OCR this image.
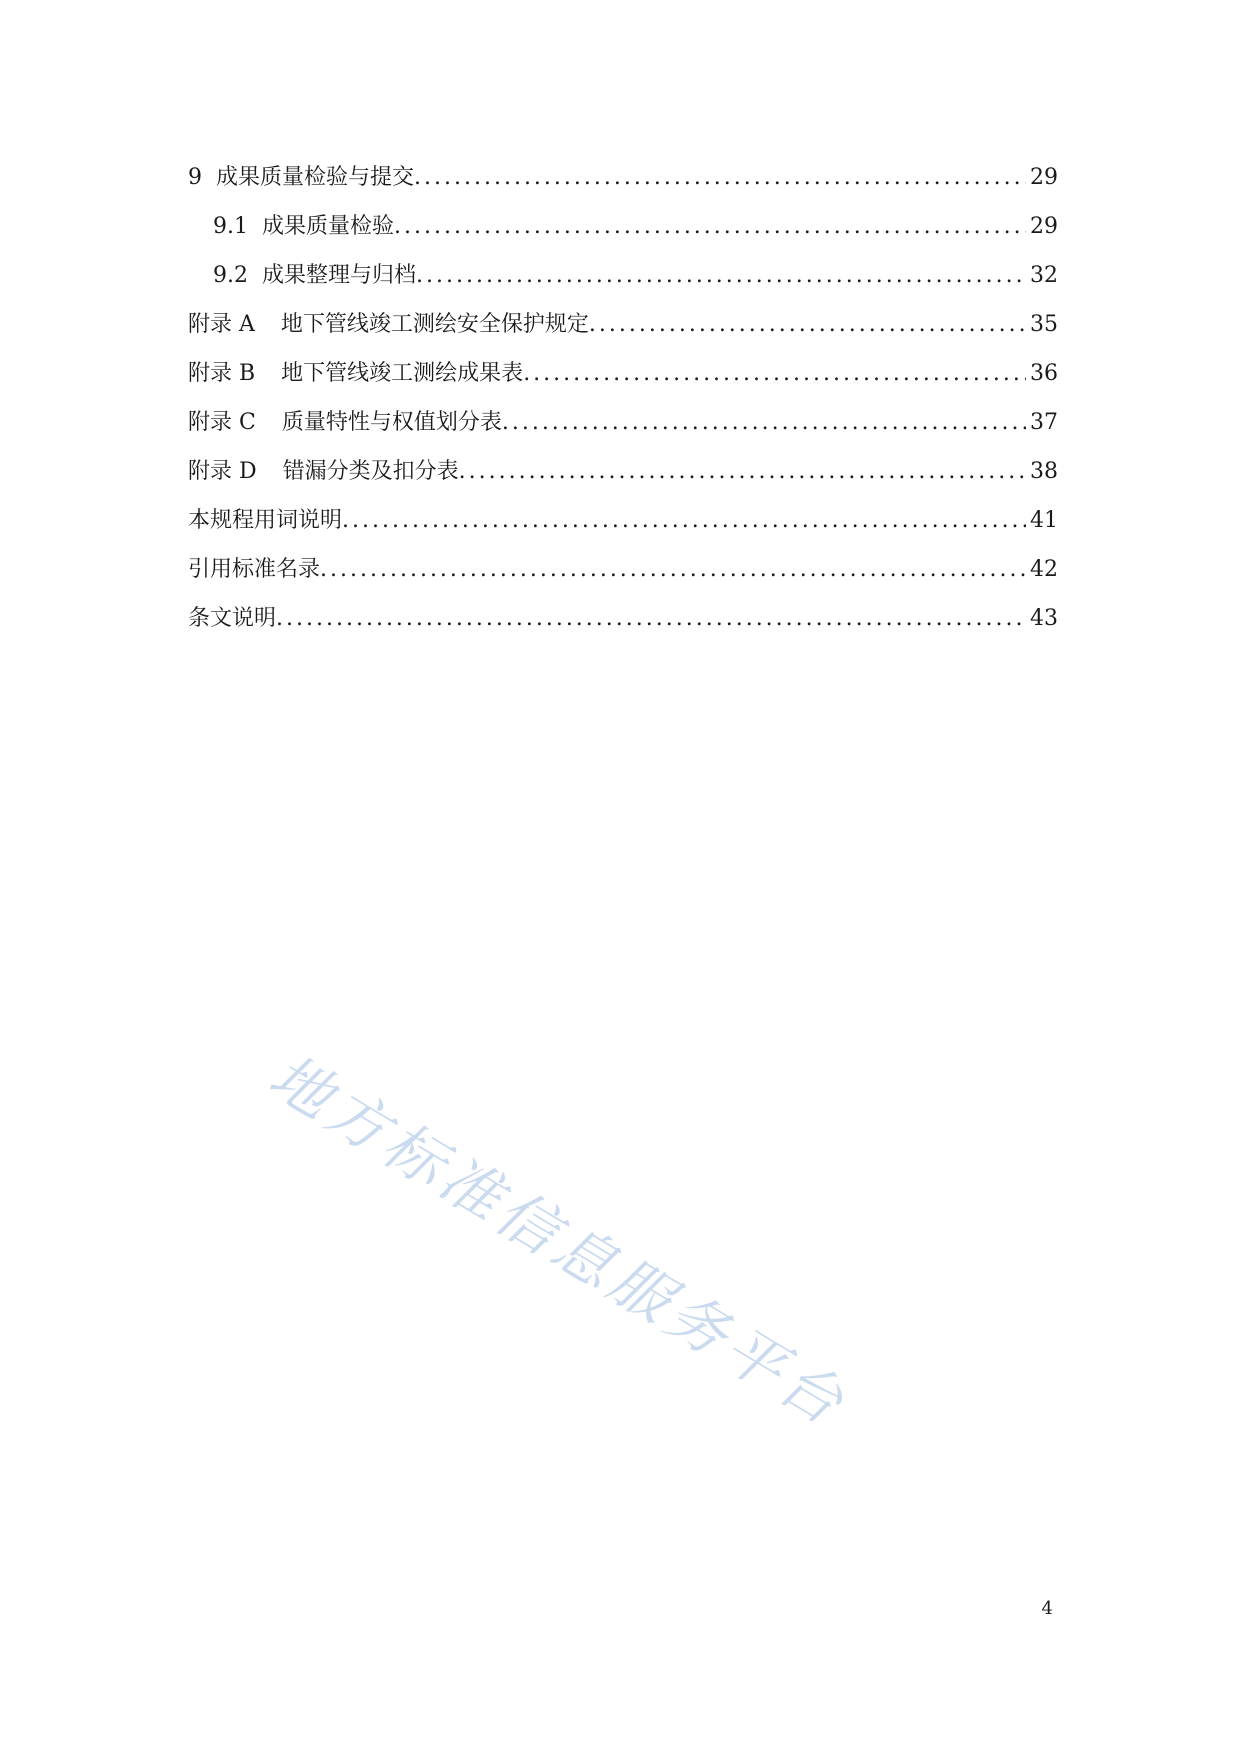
9 成果质量检验与提交 .....	29
9.1 成果质量检验 .....	29
9.2 成果整理与归档 .....	32
附录 A 地下管线竣工测绘安全保护规定 .....	35
附录 B 地下管线竣工测绘成果表 .....	36
附录 C 质量特性与权值划分表 .....	37
附录 D 错漏分类及扣分表 .....	38
本规程用词说明 .....	41
引用标准名录 .....	42
条文说明 .....	43
地方标准信息服务平台
4
